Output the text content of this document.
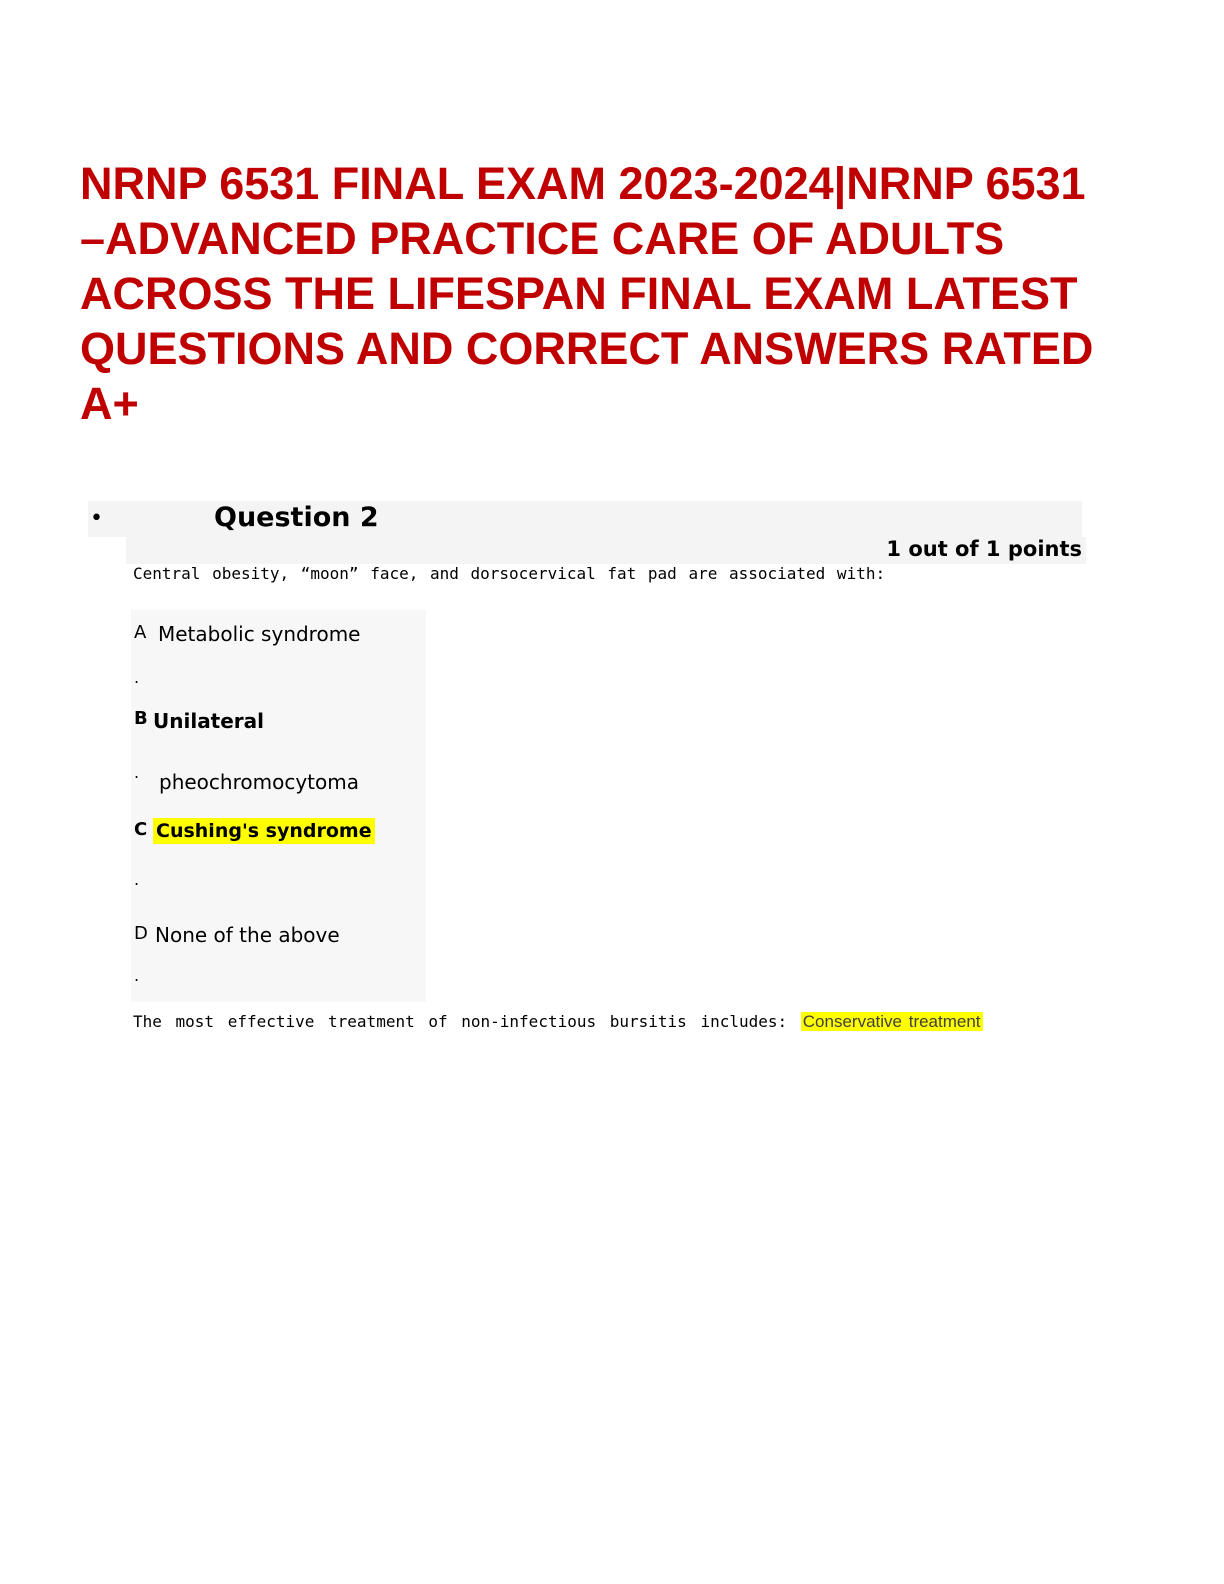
NRNP 6531 FINAL EXAM 2023-2024|NRNP 6531 –ADVANCED PRACTICE CARE OF ADULTS ACROSS THE LIFESPAN FINAL EXAM LATEST QUESTIONS AND CORRECT ANSWERS RATED A+
•	Question 2
1 out of 1 points
Central obesity, “moon” face, and dorsocervical fat pad are associated with:
A Metabolic syndrome
.
B Unilateral
. pheochromocytoma
C Cushing's syndrome
.
D None of the above
.
The most effective treatment of non-infectious bursitis includes: Conservative treatment
